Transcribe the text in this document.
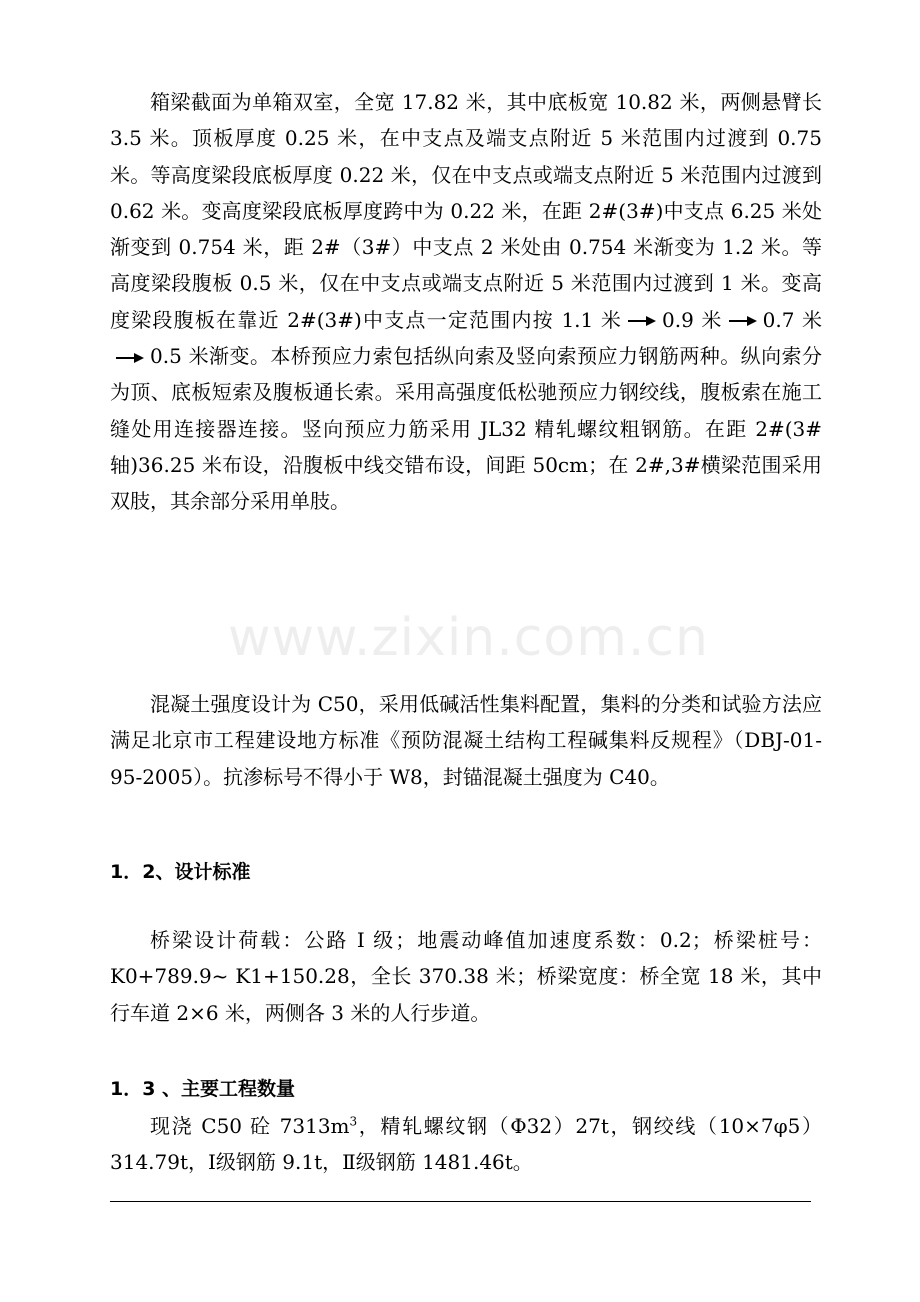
箱梁截面为单箱双室，全宽 17.82 米，其中底板宽 10.82 米，两侧悬臂长 3.5 米。顶板厚度 0.25 米，在中支点及端支点附近 5 米范围内过渡到 0.75 米。等高度梁段底板厚度 0.22 米，仅在中支点或端支点附近 5 米范围内过渡到 0.62 米。变高度梁段底板厚度跨中为 0.22 米，在距 2#(3#)中支点 6.25 米处渐变到 0.754 米，距 2#（3#）中支点 2 米处由 0.754 米渐变为 1.2 米。等高度梁段腹板 0.5 米，仅在中支点或端支点附近 5 米范围内过渡到 1 米。变高度梁段腹板在靠近 2#(3#)中支点一定范围内按 1.1 米 0.9 米 0.7 米0.5 米渐变。本桥预应力索包括纵向索及竖向索预应力钢筋两种。纵向索分为顶、底板短索及腹板通长索。采用高强度低松驰预应力钢绞线，腹板索在施工缝处用连接器连接。竖向预应力筋采用 JL32 精轧螺纹粗钢筋。在距 2#(3#轴)36.25 米布设，沿腹板中线交错布设，间距 50cm；在 2#,3#横梁范围采用双肢，其余部分采用单肢。

混凝土强度设计为 C50，采用低碱活性集料配置，集料的分类和试验方法应满足北京市工程建设地方标准《预防混凝土结构工程碱集料反规程》（DBJ-01-95-2005）。抗渗标号不得小于 W8，封锚混凝土强度为 C40。

1．2、设计标准

桥梁设计荷载：公路 I 级；地震动峰值加速度系数：0.2；桥梁桩号：K0+789.9~ K1+150.28，全长 370.38 米；桥梁宽度：桥全宽 18 米，其中行车道 2×6 米，两侧各 3 米的人行步道。

1．3 、主要工程数量

现浇 C50 砼 $7313m^3$，精轧螺纹钢（Φ32）27t，钢绞线（10×7φ5）314.79t，Ⅰ级钢筋 9.1t，Ⅱ级钢筋 1481.46t。

www.zixin.com.cn
